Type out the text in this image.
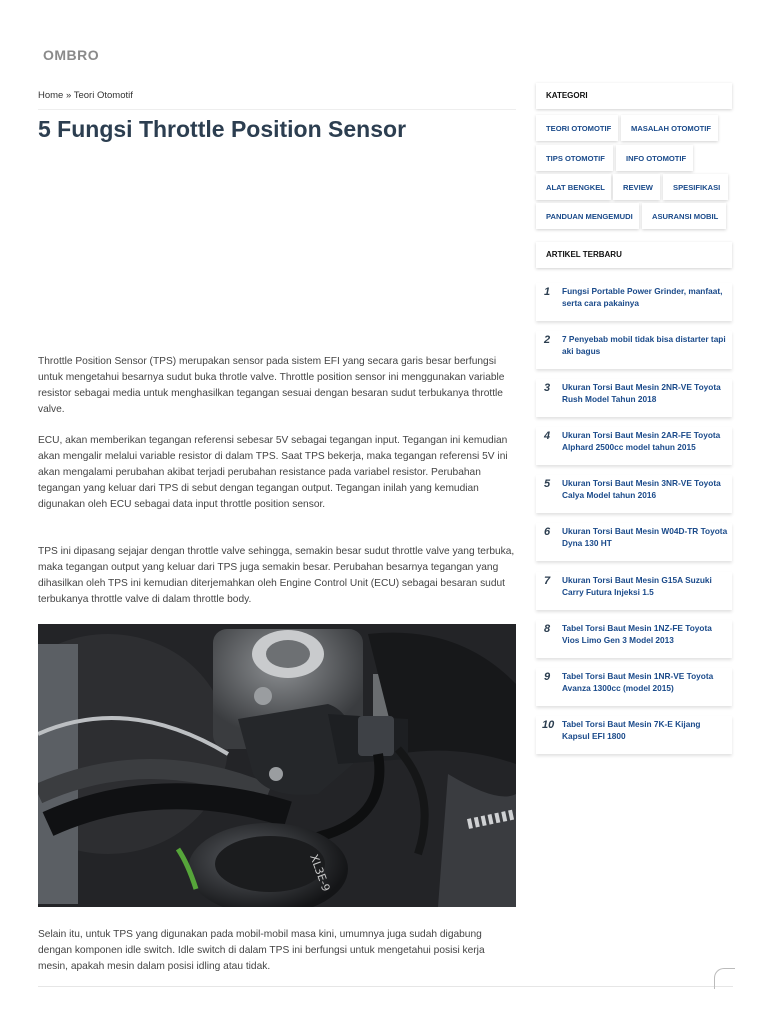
OMBRO
Home » Teori Otomotif
5 Fungsi Throttle Position Sensor

Throttle Position Sensor (TPS) merupakan sensor pada sistem EFI yang secara garis besar berfungsi untuk mengetahui besarnya sudut buka throtle valve. Throttle position sensor ini menggunakan variable resistor sebagai media untuk menghasilkan tegangan sesuai dengan besaran sudut terbukanya throttle valve.

ECU, akan memberikan tegangan referensi sebesar 5V sebagai tegangan input. Tegangan ini kemudian akan mengalir melalui variable resistor di dalam TPS. Saat TPS bekerja, maka tegangan referensi 5V ini akan mengalami perubahan akibat terjadi perubahan resistance pada variabel resistor. Perubahan tegangan yang keluar dari TPS di sebut dengan tegangan output. Tegangan inilah yang kemudian digunakan oleh ECU sebagai data input throttle position sensor.

TPS ini dipasang sejajar dengan throttle valve sehingga, semakin besar sudut throttle valve yang terbuka, maka tegangan output yang keluar dari TPS juga semakin besar. Perubahan besarnya tegangan yang dihasilkan oleh TPS ini kemudian diterjemahkan oleh Engine Control Unit (ECU) sebagai besaran sudut terbukanya throttle valve di dalam throttle body.

XL3E-9

Selain itu, untuk TPS yang digunakan pada mobil-mobil masa kini, umumnya juga sudah digabung dengan komponen idle switch. Idle switch di dalam TPS ini berfungsi untuk mengetahui posisi kerja mesin, apakah mesin dalam posisi idling atau tidak.

KATEGORI
TEORI OTOMOTIF	MASALAH OTOMOTIF
TIPS OTOMOTIF	INFO OTOMOTIF
ALAT BENGKEL	REVIEW	SPESIFIKASI
PANDUAN MENGEMUDI	ASURANSI MOBIL
ARTIKEL TERBARU
1 Fungsi Portable Power Grinder, manfaat, serta cara pakainya
2 7 Penyebab mobil tidak bisa distarter tapi aki bagus
3 Ukuran Torsi Baut Mesin 2NR-VE Toyota Rush Model Tahun 2018
4 Ukuran Torsi Baut Mesin 2AR-FE Toyota Alphard 2500cc model tahun 2015
5 Ukuran Torsi Baut Mesin 3NR-VE Toyota Calya Model tahun 2016
6 Ukuran Torsi Baut Mesin W04D-TR Toyota Dyna 130 HT
7 Ukuran Torsi Baut Mesin G15A Suzuki Carry Futura Injeksi 1.5
8 Tabel Torsi Baut Mesin 1NZ-FE Toyota Vios Limo Gen 3 Model 2013
9 Tabel Torsi Baut Mesin 1NR-VE Toyota Avanza 1300cc (model 2015)
10 Tabel Torsi Baut Mesin 7K-E Kijang Kapsul EFI 1800
